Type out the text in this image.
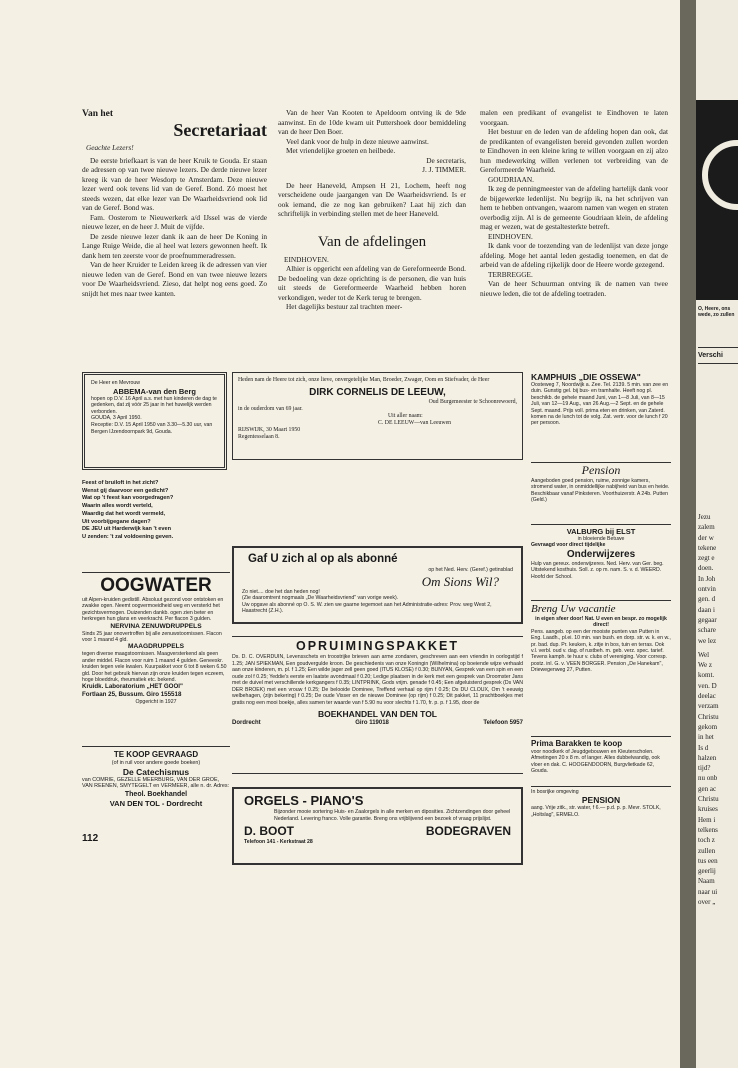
Van het
Secretariaat
Geachte Lezers!

De eerste briefkaart is van de heer Kruik te Gouda. Er staan de adressen op van twee nieuwe lezers. De derde nieuwe lezer kreeg ik van de heer Wesdorp te Amsterdam. Deze nieuwe lezer werd ook tevens lid van de Geref. Bond. Zó moest het steeds wezen, dat elke lezer van De Waarheidsvriend ook lid van de Geref. Bond was.

Fam. Oosterom te Nieuwerkerk a/d IJssel was de vierde nieuwe lezer, en de heer J. Muit de vijfde.

De zesde nieuwe lezer dank ik aan de heer De Koning in Lange Ruige Weide, die al heel wat lezers gewonnen heeft. Ik dank hem ten zeerste voor de proefnummeradressen.

Van de heer Kruider te Leiden kreeg ik de adressen van vier nieuwe leden van de Geref. Bond en van twee nieuwe lezers voor De Waarheidsvriend. Zieso, dat helpt nog eens goed. Zo snijdt het mes naar twee kanten.

Van de heer Van Kooten te Apeldoorn ontving ik de 9de aanwinst. En de 10de kwam uit Puttershoek door bemiddeling van de heer Den Boer.

Veel dank voor de hulp in deze nieuwe aanwinst.

Met vriendelijke groeten en heilbede.

De secretaris,
J. J. TIMMER.

De heer Haneveld, Ampsen H 21, Lochem, heeft nog verscheidene oude jaargangen van De Waarheidsvriend. Is er ook iemand, die ze nog kan gebruiken? Laat hij zich dan schriftelijk in verbinding stellen met de heer Haneveld.

Van de afdelingen
EINDHOVEN.

Alhier is opgericht een afdeling van de Gereformeerde Bond. De bedoeling van deze oprichting is de personen, die van huis uit steeds de Gereformeerde Waarheid hebben horen verkondigen, weder tot de Kerk terug te brengen.

Het dagelijks bestuur zal trachten meer-

malen een predikant of evangelist te Eindhoven te laten voorgaan.

Het bestuur en de leden van de afdeling hopen dan ook, dat de predikanten of evangelisten bereid gevonden zullen worden te Eindhoven in een kleine kring te willen voorgaan en zij alzo hun medewerking willen verlenen tot verbreiding van de Gereformeerde Waarheid.

GOUDRIAAN.

Ik zeg de penningmeester van de afdeling hartelijk dank voor de bijgewerkte ledenlijst. Nu begrijp ik, na het schrijven van hem te hebben ontvangen, waarom namen van wegen en straten overbodig zijn. Al is de gemeente Goudriaan klein, de afdeling mag er wezen, wat de gestaltesterkte betreft.

EINDHOVEN.

Ik dank voor de toezending van de ledenlijst van deze jonge afdeling. Moge het aantal leden gestadig toenemen, en dat de arbeid van de afdeling rijkelijk door de Heere worde gezegend.

TERBREGGE.

Van de heer Schuurman ontving ik de namen van twee nieuwe leden, die tot de afdeling toetraden.

De Heer en Mevrouw
ABBEMA-van den Berg
hopen op D.V. 16 April a.s. met hun kinderen de dag te gedenken, dat zij vóór 25 jaar in het huwelijk werden verbonden.
GOUDA, 3 April 1950.
Receptie: D.V. 15 April 1950 van 3.30—5.30 uur, van Bergen IJzendoornpark 9d, Gouda.
Feest of bruiloft in het zicht?
Wenst gij daarvoor een gedicht?
Wat op 't feest kan voorgedragen?
Waarin alles wordt verteld,
Waardig dat het wordt vermeld,
Uit voorbijgegane dagen?
DE JEU uit Harderwijk kan 't even
U zenden: 't zal voldoening geven.
OOGWATER
uit Alpen-kruiden gedistill. Absoluut gezond voor ontstoken en zwakke ogen. Neemt oogvermoeidheid weg en versterkt het gezichtsvermogen. Duizenden dankb. ogen zien beter en herkregen hun glans en veerkracht. Per flacon 3 gulden.
NERVINA ZENUWDRUPPELS
Sinds 25 jaar onovertroffen bij alle zenuwstoornissen. Flacon voor 1 maand 4 gld.
MAAGDRUPPELS
tegen diverse maagstoornissen. Maagversterkend als geen ander middel. Flacon voor ruim 1 maand 4 gulden. Geneeskr. kruiden tegen vele kwalen. Kuurpakket voor 6 tot 8 weken 6.50 gld. Door het gebruik hiervan zijn onze kruiden tegen eczeem, hoge bloeddruk, rheumatiek etc. bekend.
Kruidk. Laboratorium „HET GOOI"
Fortlaan 25, Bussum. Giro 155518
Opgericht in 1927
TE KOOP GEVRAAGD
(of in ruil voor andere goede boeken)
De Catechismus
van COMRIE, GEZELLE MEERBURG, VAN DER GROE, VAN REENEN, SMYTEGELT en VERMEER, alle n. dr. Adres:
Theol. Boekhandel
VAN DEN TOL - Dordrecht
112
Heden nam de Heere tot zich, onze lieve, onvergetelijke Man, Broeder, Zwager, Oom en Stiefvader, de Heer
DIRK CORNELIS DE LEEUW,
Oud Burgemeester te Schoonrewoerd,
in de ouderdom van 69 jaar.
Uit aller naam:
C. DE LEEUW—van Leeuwen
RIJSWIJK, 30 Maart 1950
Regentesselaan 8.
Gaf U zich al op als abonné
op het Ned. Herv. (Geref.) getinsblad
Om Sions Wil?
Zo niet.... doe het dan heden nog!
(Zie daaromtrent nogmaals „De Waarheidsvriend" van vorige week).
Uw opgave als abonné op O. S. W. zien we gaarne tegemoet aan het Administratie-adres: Prov. weg West 2, Haastrecht (Z.H.).
OPRUIMINGSPAKKET
Ds. D. C. OVERDUIN, Levensschets en troostrijke brieven aan arme zondaren, geschreven aan een vriendin in oorlogstijd f 1.25; JAN SPIEKMAN, Een goudvergulde kroon. De geschiedenis van onze Koningin (Wilhelmina) op boeiende wijze verhaald aan onze kinderen, m. pl. f 1.25; Een wilde jager zell geen goed (ITUS KLOSE) f 0.30; BUNYAN, Gesprek van een spin en een oude zol f 0.25; Yeddie's eerste en laatste avondmaal f 0.20; Ledige plaatsen in de kerk met een gesprek van Droomster Jans met de duivel met verschillende kerkgangers f 0.35; LINTPRINK, Gods vrijm. genade f 0.45; Een afgeluisterd gesprek (Ds VAN DER BROEK) met een vrouw f 0.25; De belooide Dominee, Treffend verhaal op rijm f 0.25; Ds DU CLOUX, Om 't eeuwig welbehagen, (zijn bekering) f 0.25; De oude Visser en de nieuwe Dominee (op rijm) f 0.25; Dit pakket, 11 prachtboekjes met gratis nog een mooi boekje, alles samen ter waarde van f 5.90 nu voor slechts f 1.70, fr. p. p. f 1.95, door de
BOEKHANDEL VAN DEN TOL
Dordrecht	Giro 119018	Telefoon 5957
ORGELS - PIANO'S
Bijzonder mooie sortering Huis- en Zaalorgels in alle merken en diposities. Zichtzendingen door geheel Nederland. Levering franco. Volle garantie. Breng ons vrijblijvend een bezoek of vraag prijslijst.
D. BOOT	BODEGRAVEN
Telefoon 141 - Kerkstraat 28
KAMPHUIS „DIE OSSEWA"
Oosteweg 7, Noordwijk a. Zee. Tel. 2139. 5 min. van zee en duin. Gunstig gel. bij bus- en tramhalte. Heeft nog pl. beschikb. de gehele maand Juni, van 1—8 Juli, van 8—15 Juli, van 12—19 Aug., van 26 Aug.—2 Sept. en de gehele Sept. maand. Prijs voll. prima eten en drinken, van Zaterd. komen na de lunch tot de volg. Zat. vertr. voor de lunch f 20 per persoon.
Pension
Aangeboden goed pension, ruime, zonnige kamers, stromend water, in onmiddellijke nabijheid van bus en heide. Beschikbaar vanaf Pinksteren. Voorthuizerstr. A 24b. Putten (Geld.)
VALBURG bij ELST
in bloeiende Betuwe
Gevraagd voor direct tijdelijke
Onderwijzeres
Hulp van gereux. onderwijzeres. Ned. Herv. van Ger. beg. Uitstekend kosthuis. Soll. z. op m. nam. S. v. d. WEERD. Hoofd der School.
Breng Uw vacantie
in eigen sfeer door! Nat. U even en bespr. zo mogelijk direct!
Pens. aangeb. op een der mooiste punten van Putten in Eng. Laadh., pl.ei. 10 min. van bush. en dorp. str. w. k. en w., pr. bad. dup. Pr. keuken, k. zitje in bos, tuin en terras. Ook v.l. verbl. oud v. dag. of rustbeh. m. geb. verz. spec. tarief.
Tevens kamph. te huur v. clubs of vereniging. Voor corresp. postz. inl. G. v. VEEN BORGER. Pension „De Hanekam", Driewegenweg 27, Putten.
Prima Barakken te koop
voor noodkerk of Jeugdgebouwen en Kleuterscholen. Afmetingen 20 x 8 m. of langer. Alles dubbelwandig, ook vloer en dak. C. HOOGENDOORN, Burgvlietkade 62, Gouda.
In bosrijke omgeving
PENSION
aang. Vrije zitk., str. water, f 6.— p.d. p. p. Mevr. STOLK, „Holtslag", ERMELO.
O, Heere, ons wede, zo zullen
Verschi
Jezu
zalem
der w
tekene
zegt e
doen.
In Joh
ontvin
gen. d
daan i
gegaar
schare
we lez
Wel
We z
komt.
ven. D
deelac
verzam
Christu
gekom
in het
Is d
halzen
tijd?
nu onb
gen ac
Christu
kruises
Hem i
telkens
toch z
zullen
tus een
geerlij
Naam
naar ui
over „
